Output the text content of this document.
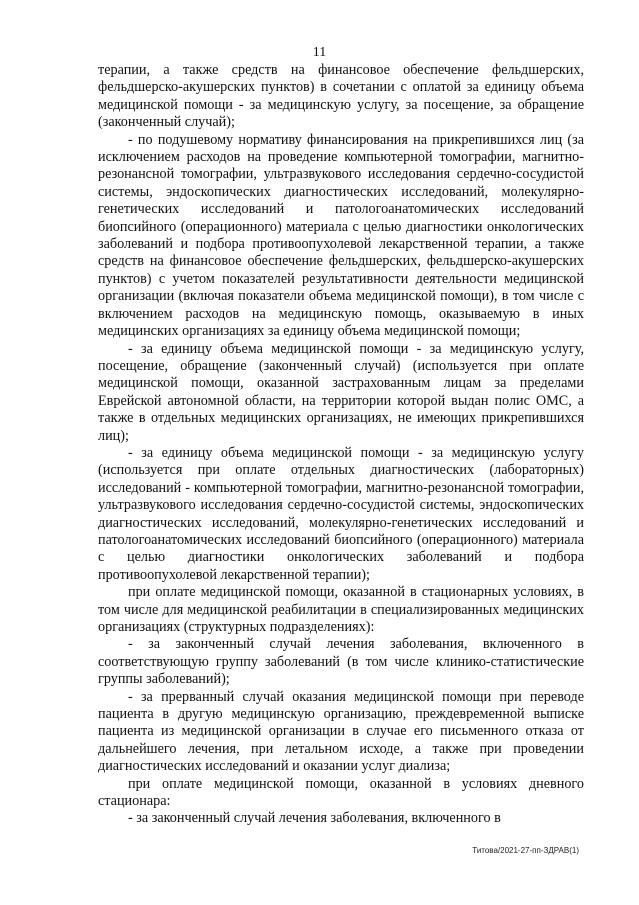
11

терапии, а также средств на финансовое обеспечение фельдшерских, фельдшерско-акушерских пунктов) в сочетании с оплатой за единицу объема медицинской помощи - за медицинскую услугу, за посещение, за обращение (законченный случай);

- по подушевому нормативу финансирования на прикрепившихся лиц (за исключением расходов на проведение компьютерной томографии, магнитно-резонансной томографии, ультразвукового исследования сердечно-сосудистой системы, эндоскопических диагностических исследований, молекулярно-генетических исследований и патологоанатомических исследований биопсийного (операционного) материала с целью диагностики онкологических заболеваний и подбора противоопухолевой лекарственной терапии, а также средств на финансовое обеспечение фельдшерских, фельдшерско-акушерских пунктов) с учетом показателей результативности деятельности медицинской организации (включая показатели объема медицинской помощи), в том числе с включением расходов на медицинскую помощь, оказываемую в иных медицинских организациях за единицу объема медицинской помощи;

- за единицу объема медицинской помощи - за медицинскую услугу, посещение, обращение (законченный случай) (используется при оплате медицинской помощи, оказанной застрахованным лицам за пределами Еврейской автономной области, на территории которой выдан полис ОМС, а также в отдельных медицинских организациях, не имеющих прикрепившихся лиц);

- за единицу объема медицинской помощи - за медицинскую услугу (используется при оплате отдельных диагностических (лабораторных) исследований - компьютерной томографии, магнитно-резонансной томографии, ультразвукового исследования сердечно-сосудистой системы, эндоскопических диагностических исследований, молекулярно-генетических исследований и патологоанатомических исследований биопсийного (операционного) материала с целью диагностики онкологических заболеваний и подбора противоопухолевой лекарственной терапии);

при оплате медицинской помощи, оказанной в стационарных условиях, в том числе для медицинской реабилитации в специализированных медицинских организациях (структурных подразделениях):

- за законченный случай лечения заболевания, включенного в соответствующую группу заболеваний (в том числе клинико-статистические группы заболеваний);

- за прерванный случай оказания медицинской помощи при переводе пациента в другую медицинскую организацию, преждевременной выписке пациента из медицинской организации в случае его письменного отказа от дальнейшего лечения, при летальном исходе, а также при проведении диагностических исследований и оказании услуг диализа;

при оплате медицинской помощи, оказанной в условиях дневного стационара:

- за законченный случай лечения заболевания, включенного в

Титова/2021-27-пп-ЗДРАВ(1)
